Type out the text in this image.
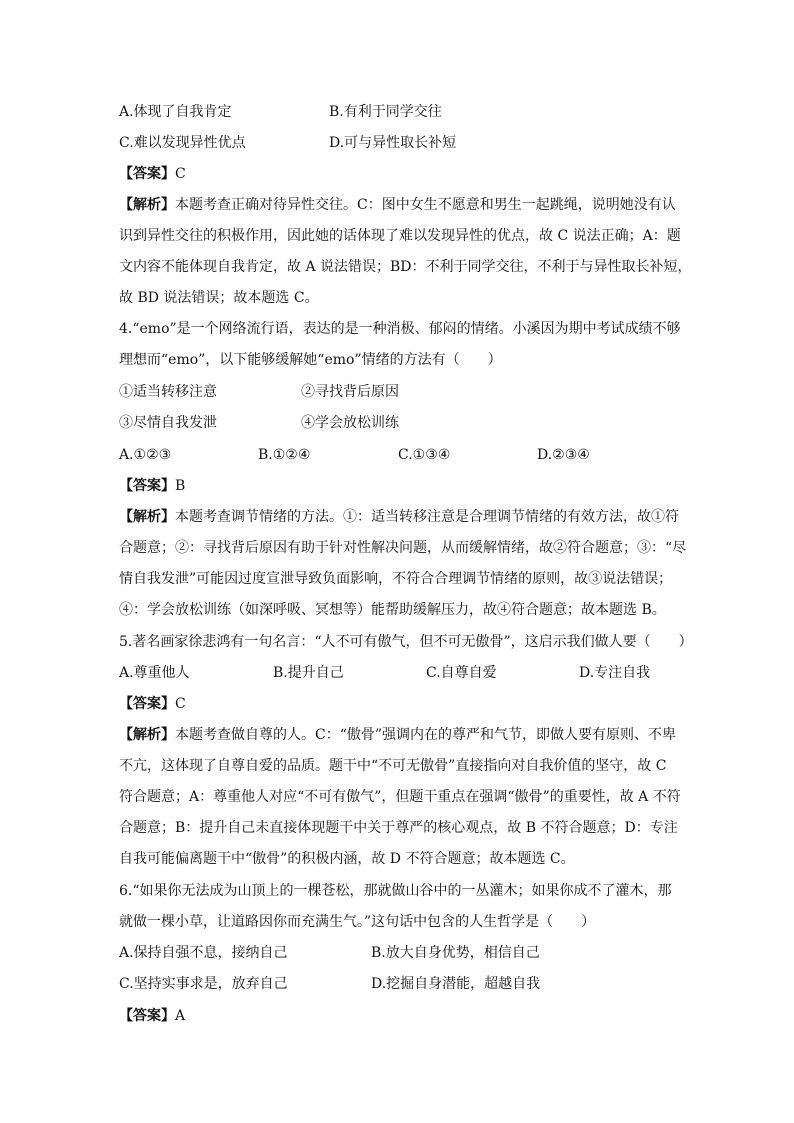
A.体现了自我肯定	B.有利于同学交往
C.难以发现异性优点	D.可与异性取长补短
【答案】C
【解析】本题考查正确对待异性交往。C：图中女生不愿意和男生一起跳绳，说明她没有认
识到异性交往的积极作用，因此她的话体现了难以发现异性的优点，故 C 说法正确；A：题
文内容不能体现自我肯定，故 A 说法错误；BD：不利于同学交往，不利于与异性取长补短，
故 BD 说法错误；故本题选 C。
4.“emo”是一个网络流行语，表达的是一种消极、郁闷的情绪。小溪因为期中考试成绩不够
理想而“emo”，以下能够缓解她“emo”情绪的方法有（　　）
①适当转移注意	②寻找背后原因
③尽情自我发泄	④学会放松训练
A.①②③	B.①②④	C.①③④	D.②③④
【答案】B
【解析】本题考查调节情绪的方法。①：适当转移注意是合理调节情绪的有效方法，故①符
合题意；②：寻找背后原因有助于针对性解决问题，从而缓解情绪，故②符合题意；③：“尽
情自我发泄”可能因过度宣泄导致负面影响，不符合合理调节情绪的原则，故③说法错误；
④：学会放松训练（如深呼吸、冥想等）能帮助缓解压力，故④符合题意；故本题选 B。
5.著名画家徐悲鸿有一句名言：“人不可有傲气，但不可无傲骨”，这启示我们做人要（　　）
A.尊重他人	B.提升自己	C.自尊自爱	D.专注自我
【答案】C
【解析】本题考查做自尊的人。C：“傲骨”强调内在的尊严和气节，即做人要有原则、不卑
不亢，这体现了自尊自爱的品质。题干中“不可无傲骨”直接指向对自我价值的坚守，故 C
符合题意；A：尊重他人对应“不可有傲气”，但题干重点在强调“傲骨”的重要性，故 A 不符
合题意；B：提升自己未直接体现题干中关于尊严的核心观点，故 B 不符合题意；D：专注
自我可能偏离题干中“傲骨”的积极内涵，故 D 不符合题意；故本题选 C。
6.“如果你无法成为山顶上的一棵苍松，那就做山谷中的一丛灌木；如果你成不了灌木，那
就做一棵小草，让道路因你而充满生气。”这句话中包含的人生哲学是（　　）
A.保持自强不息，接纳自己	B.放大自身优势，相信自己
C.坚持实事求是，放弃自己	D.挖掘自身潜能，超越自我
【答案】A
